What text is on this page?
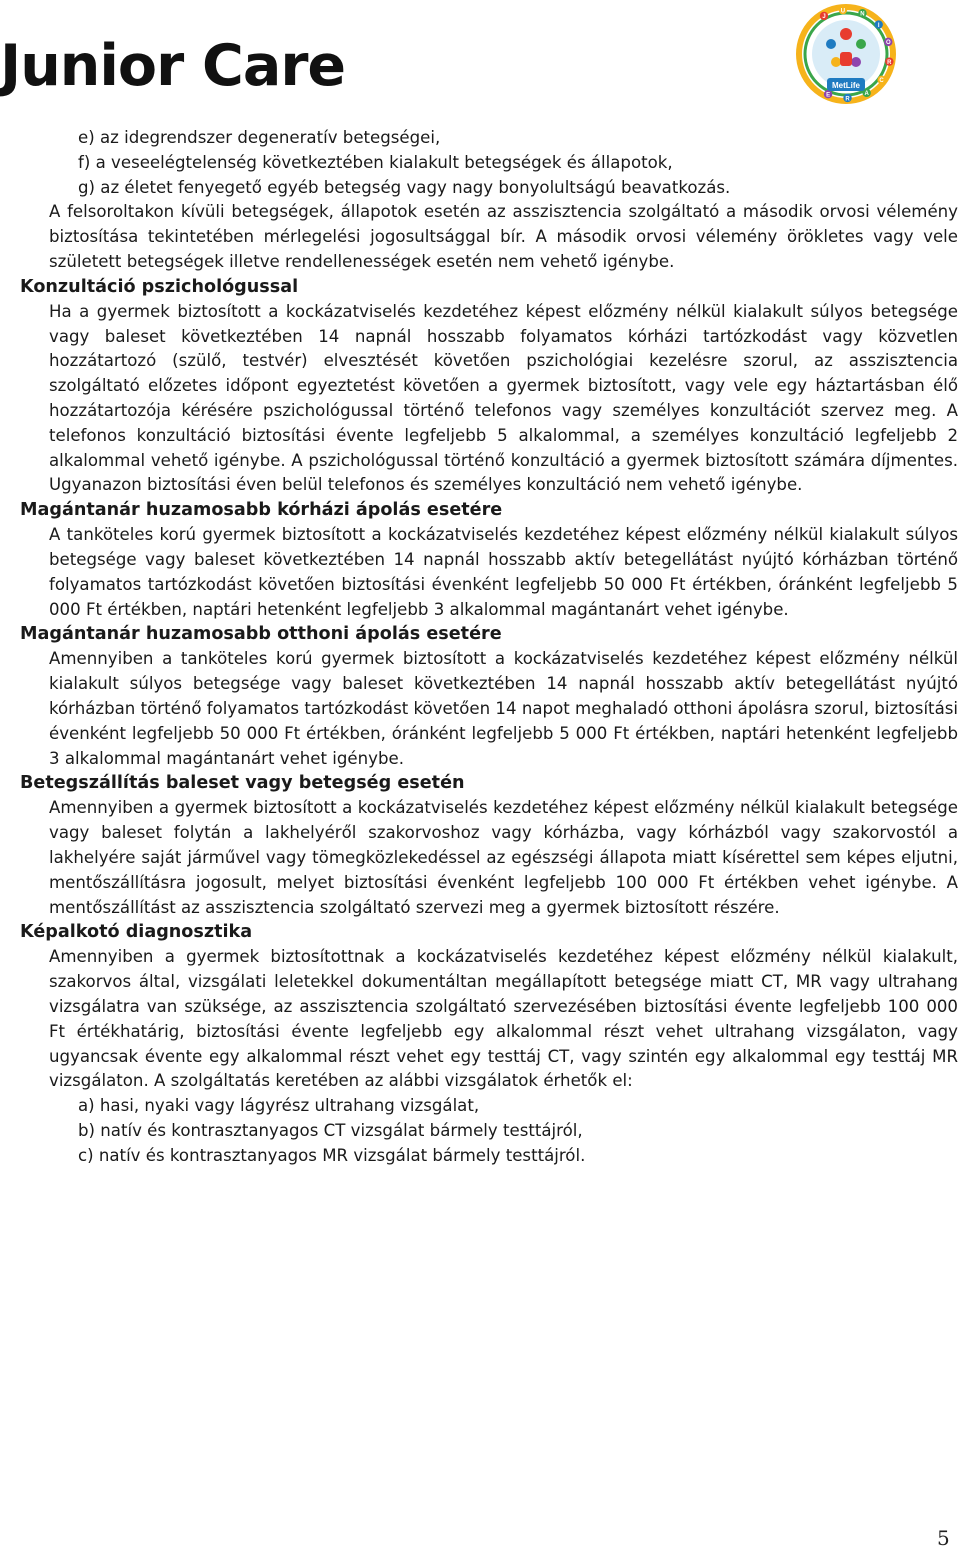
Junior Care
J
U
N
I
O
R
C
A
R
E
MetLife

e) az idegrendszer degeneratív betegségei,

f) a veseelégtelenség következtében kialakult betegségek és állapotok,

g) az életet fenyegető egyéb betegség vagy nagy bonyolultságú beavatkozás.

A felsoroltakon kívüli betegségek, állapotok esetén az asszisztencia szolgáltató a második orvosi vélemény biztosítása tekintetében mérlegelési jogosultsággal bír. A második orvosi vélemény örökletes vagy vele született betegségek illetve rendellenességek esetén nem vehető igénybe.

Konzultáció pszichológussal

Ha a gyermek biztosított a kockázatviselés kezdetéhez képest előzmény nélkül kialakult súlyos betegsége vagy baleset következtében 14 napnál hosszabb folyamatos kórházi tartózkodást vagy közvetlen hozzátartozó (szülő, testvér) elvesztését követően pszichológiai kezelésre szorul, az asszisztencia szolgáltató előzetes időpont egyeztetést követően a gyermek biztosított, vagy vele egy háztartásban élő hozzátartozója kérésére pszichológussal történő telefonos vagy személyes konzultációt szervez meg. A telefonos konzultáció biztosítási évente legfeljebb 5 alkalommal, a személyes konzultáció legfeljebb 2 alkalommal vehető igénybe. A pszichológussal történő konzultáció a gyermek biztosított számára díjmentes. Ugyanazon biztosítási éven belül telefonos és személyes konzultáció nem vehető igénybe.

Magántanár huzamosabb kórházi ápolás esetére

A tanköteles korú gyermek biztosított a kockázatviselés kezdetéhez képest előzmény nélkül kialakult súlyos betegsége vagy baleset következtében 14 napnál hosszabb aktív betegellátást nyújtó kórházban történő folyamatos tartózkodást követően biztosítási évenként legfeljebb 50 000 Ft értékben, óránként legfeljebb 5 000 Ft értékben, naptári hetenként legfeljebb 3 alkalommal magántanárt vehet igénybe.

Magántanár huzamosabb otthoni ápolás esetére

Amennyiben a tanköteles korú gyermek biztosított a kockázatviselés kezdetéhez képest előzmény nélkül kialakult súlyos betegsége vagy baleset következtében 14 napnál hosszabb aktív betegellátást nyújtó kórházban történő folyamatos tartózkodást követően 14 napot meghaladó otthoni ápolásra szorul, biztosítási évenként legfeljebb 50 000 Ft értékben, óránként legfeljebb 5 000 Ft értékben, naptári hetenként legfeljebb 3 alkalommal magántanárt vehet igénybe.

Betegszállítás baleset vagy betegség esetén

Amennyiben a gyermek biztosított a kockázatviselés kezdetéhez képest előzmény nélkül kialakult betegsége vagy baleset folytán a lakhelyéről szakorvoshoz vagy kórházba, vagy kórházból vagy szakorvostól a lakhelyére saját járművel vagy tömegközlekedéssel az egészségi állapota miatt kísérettel sem képes eljutni, mentőszállításra jogosult, melyet biztosítási évenként legfeljebb 100 000 Ft értékben vehet igénybe. A mentőszállítást az asszisztencia szolgáltató szervezi meg a gyermek biztosított részére.

Képalkotó diagnosztika

Amennyiben a gyermek biztosítottnak a kockázatviselés kezdetéhez képest előzmény nélkül kialakult, szakorvos által, vizsgálati leletekkel dokumentáltan megállapított betegsége miatt CT, MR vagy ultrahang vizsgálatra van szüksége, az asszisztencia szolgáltató szervezésében biztosítási évente legfeljebb 100 000 Ft értékhatárig, biztosítási évente legfeljebb egy alkalommal részt vehet ultrahang vizsgálaton, vagy ugyancsak évente egy alkalommal részt vehet egy testtáj CT, vagy szintén egy alkalommal egy testtáj MR vizsgálaton. A szolgáltatás keretében az alábbi vizsgálatok érhetők el:

a) hasi, nyaki vagy lágyrész ultrahang vizsgálat,

b) natív és kontrasztanyagos CT vizsgálat bármely testtájról,

c) natív és kontrasztanyagos MR vizsgálat bármely testtájról.

5
